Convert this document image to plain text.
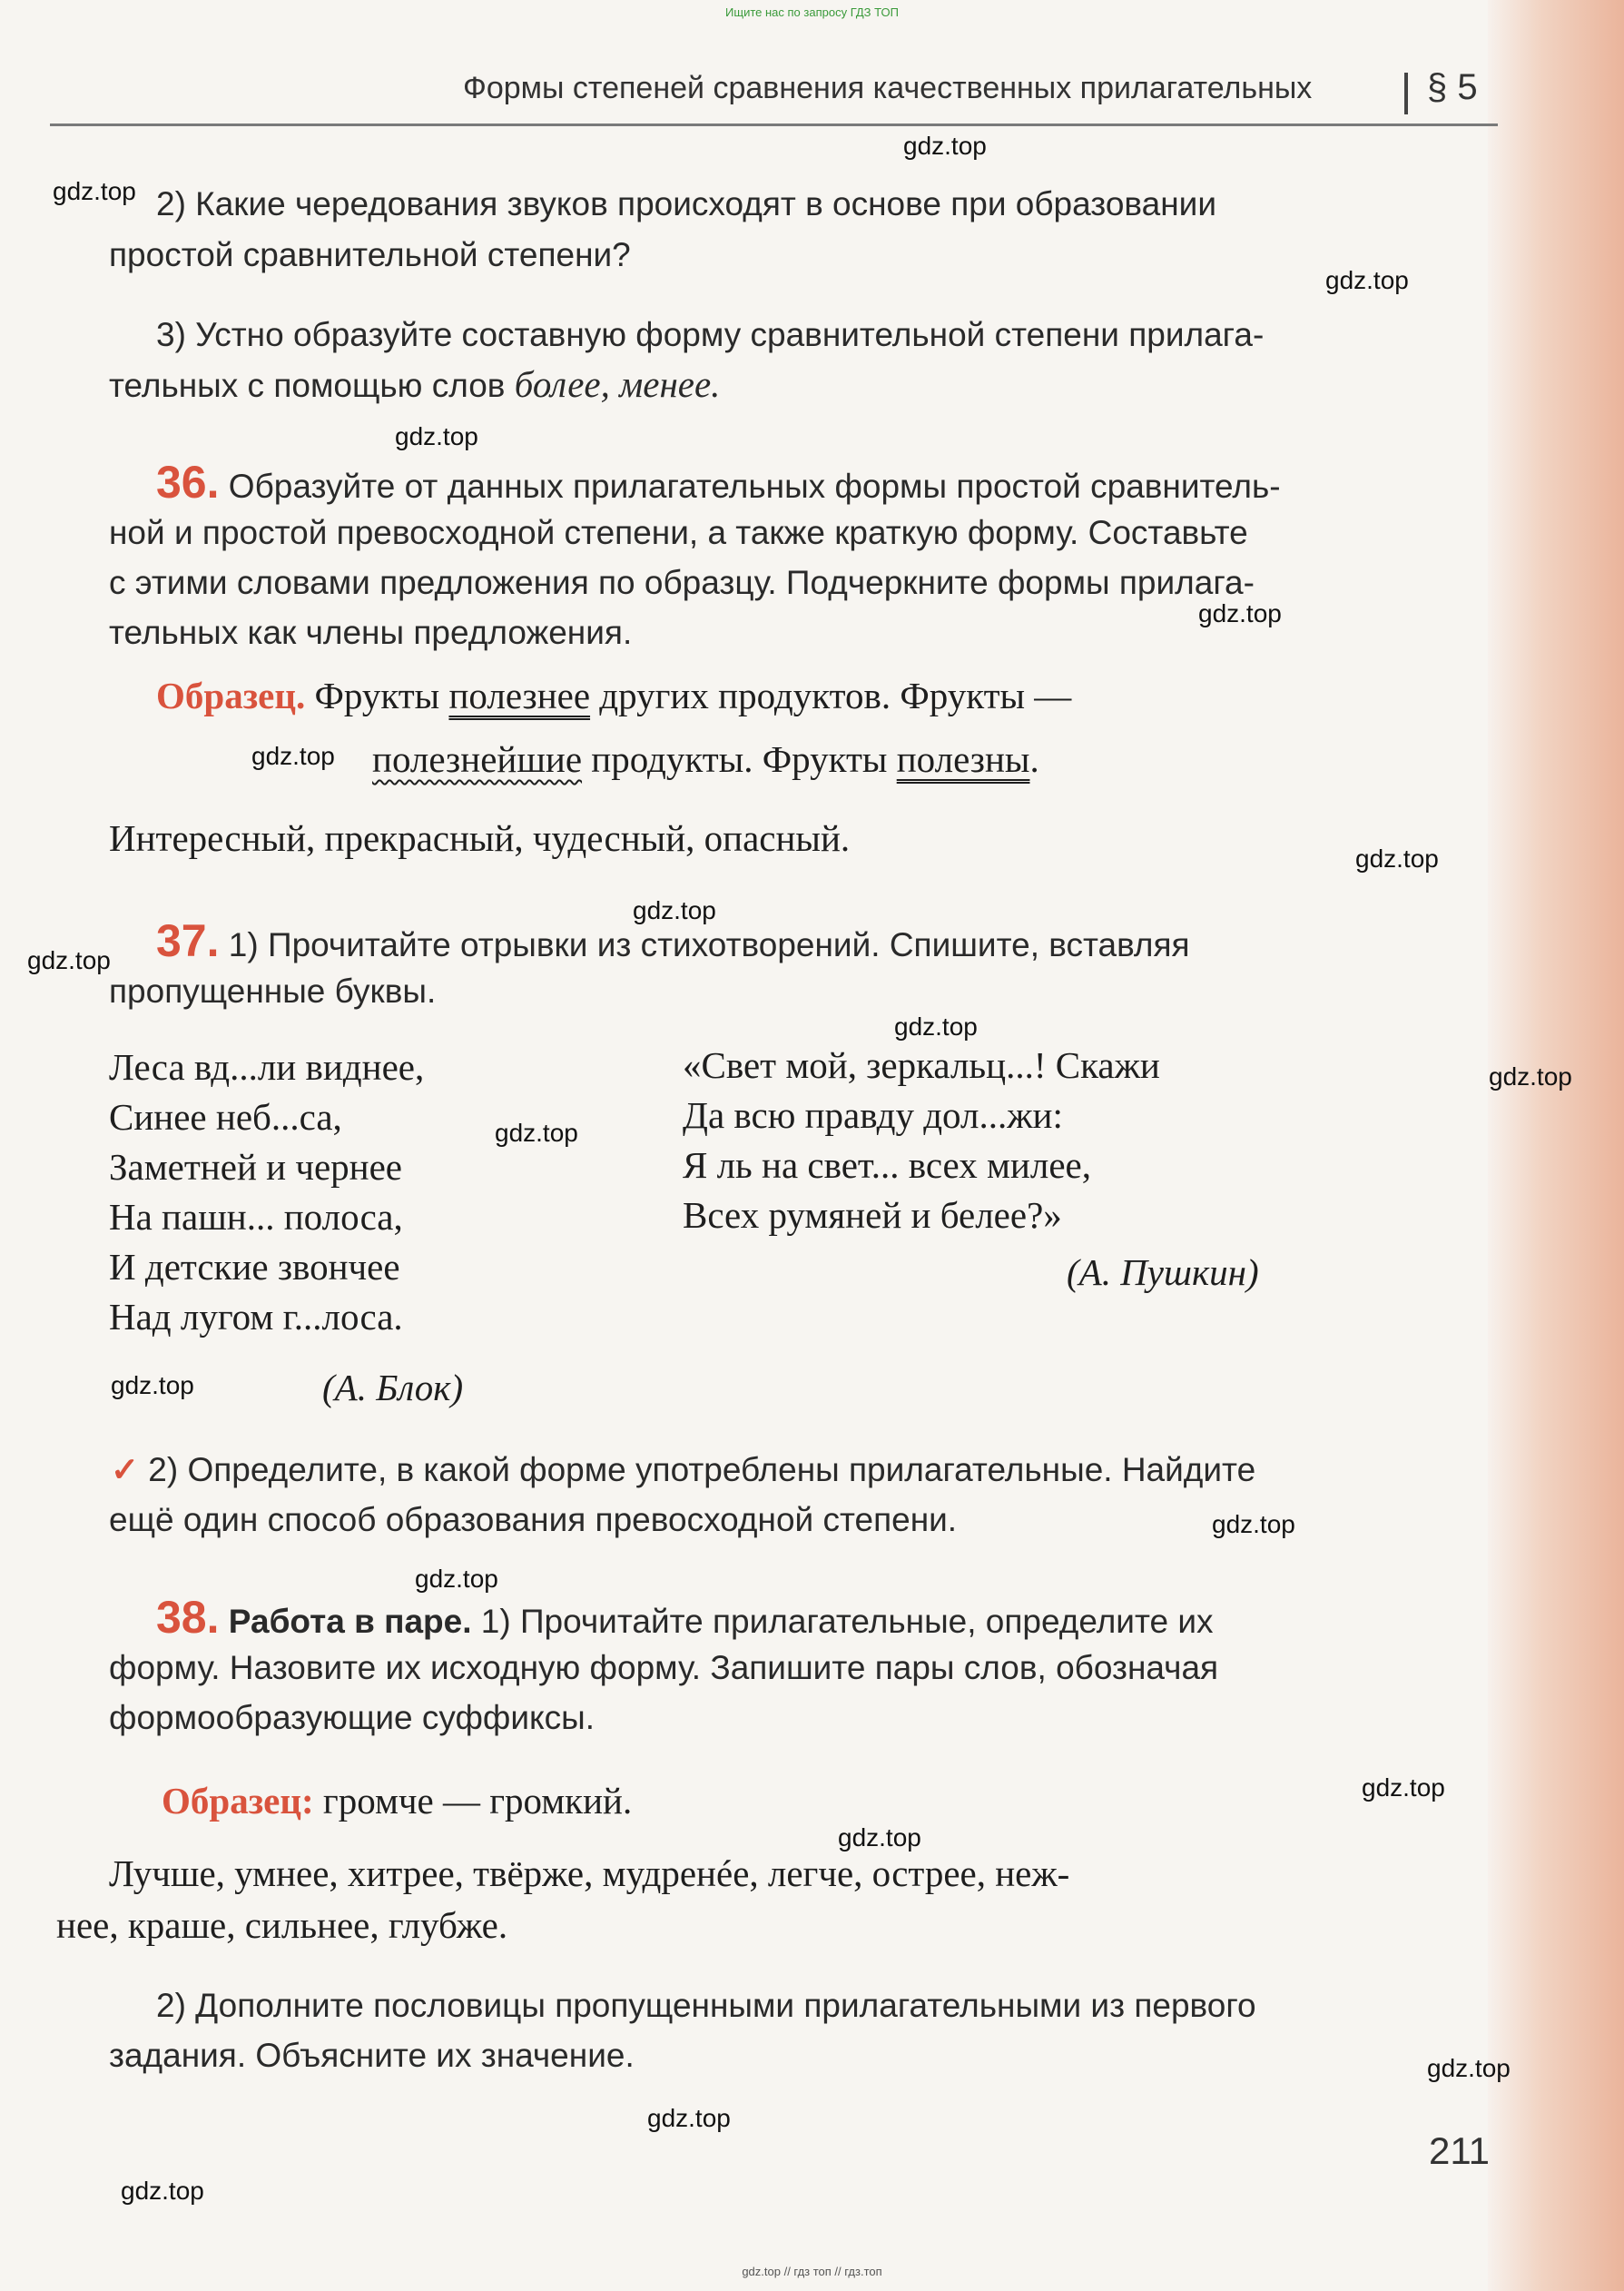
Ищите нас по запросу ГДЗ ТОП
Формы степеней сравнения качественных прилагательных	§ 5
gdz.top
gdz.top
gdz.top
gdz.top
gdz.top
gdz.top
gdz.top
gdz.top
gdz.top
gdz.top
gdz.top
gdz.top
gdz.top
gdz.top
gdz.top
gdz.top
gdz.top
gdz.top
gdz.top
gdz.top
2) Какие чередования звуков происходят в основе при образовании
простой сравнительной степени?
3) Устно образуйте составную форму сравнительной степени прилага-
тельных с помощью слов более, менее.
36. Образуйте от данных прилагательных формы простой сравнитель-
ной и простой превосходной степени, а также краткую форму. Составьте
с этими словами предложения по образцу. Подчеркните формы прилага-
тельных как члены предложения.
Образец. Фрукты полезнее других продуктов. Фрукты —
полезнейшие продукты. Фрукты полезны.
Интересный, прекрасный, чудесный, опасный.
37. 1) Прочитайте отрывки из стихотворений. Спишите, вставляя
пропущенные буквы.
Леса вд...ли виднее,
Синее неб...са,
Заметней и чернее
На пашн... полоса,
И детские звончее
Над лугом г...лоса.
(А. Блок)
«Свет мой, зеркальц...! Скажи
Да всю правду дол...жи:
Я ль на свет... всех милее,
Всех румяней и белее?»
(А. Пушкин)
✓ 2) Определите, в какой форме употреблены прилагательные. Найдите
ещё один способ образования превосходной степени.
38. Работа в паре. 1) Прочитайте прилагательные, определите их
форму. Назовите их исходную форму. Запишите пары слов, обозначая
формообразующие суффиксы.
Образец: громче — громкий.
Лучше, умнее, хитрее, твёрже, мудренée, легче, острее, неж-
нее, краше, сильнее, глубже.
2) Дополните пословицы пропущенными прилагательными из первого
задания. Объясните их значение.
211
gdz.top // гдз топ // гдз.топ
